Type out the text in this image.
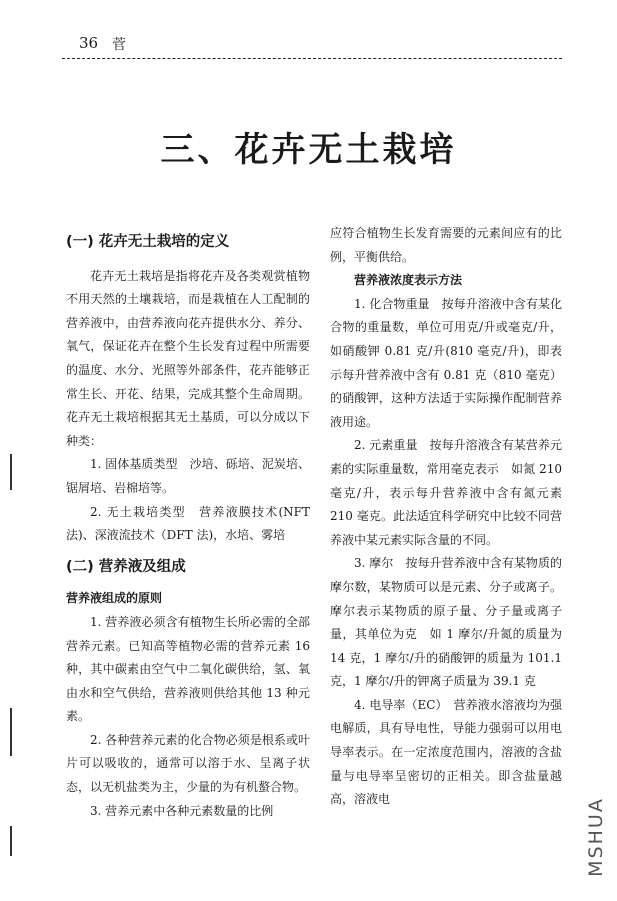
36 菅
三、花卉无土栽培
(一) 花卉无土栽培的定义

花卉无土栽培是指将花卉及各类观赏植物不用天然的土壤栽培，而是栽植在人工配制的营养液中，由营养液向花卉提供水分、养分、氧气，保证花卉在整个生长发育过程中所需要的温度、水分、光照等外部条件，花卉能够正常生长、开花、结果，完成其整个生命周期。花卉无土栽培根据其无土基质，可以分成以下种类：

1. 固体基质类型　沙培、砾培、泥炭培、锯屑培、岩棉培等。

2. 无土栽培类型　营养液膜技术(NFT 法)、深液流技术（DFT 法)，水培、雾培

(二) 营养液及组成
营养液组成的原则

1. 营养液必须含有植物生长所必需的全部营养元素。已知高等植物必需的营养元素 16 种，其中碳素由空气中二氧化碳供给，氢、氧由水和空气供给，营养液则供给其他 13 种元素。

2. 各种营养元素的化合物必须是根系或叶片可以吸收的，通常可以溶于水、呈离子状态，以无机盐类为主，少量的为有机螯合物。

3. 营养元素中各种元素数量的比例

应符合植物生长发育需要的元素间应有的比例，平衡供给。

营养液浓度表示方法

1. 化合物重量　按每升溶液中含有某化合物的重量数，单位可用克/升或毫克/升，如硝酸钾 0.81 克/升(810 毫克/升)，即表示每升营养液中含有 0.81 克（810 毫克）的硝酸钾，这种方法适于实际操作配制营养液用途。

2. 元素重量　按每升溶液含有某营养元素的实际重量数，常用毫克表示　如氮 210 毫克/升，表示每升营养液中含有氮元素 210 毫克。此法适宜科学研究中比较不同营养液中某元素实际含量的不同。

3. 摩尔　按每升营养液中含有某物质的摩尔数，某物质可以是元素、分子或离子。摩尔表示某物质的原子量、分子量或离子量，其单位为克　如 1 摩尔/升氮的质量为 14 克，1 摩尔/升的硝酸钾的质量为 101.1 克，1 摩尔/升的钾离子质量为 39.1 克

4. 电导率（EC）　营养液水溶液均为强电解质，具有导电性，导能力强弱可以用电导率表示。在一定浓度范围内，溶液的含盐量与电导率呈密切的正相关。即含盐量越高，溶液电	MSHUA
